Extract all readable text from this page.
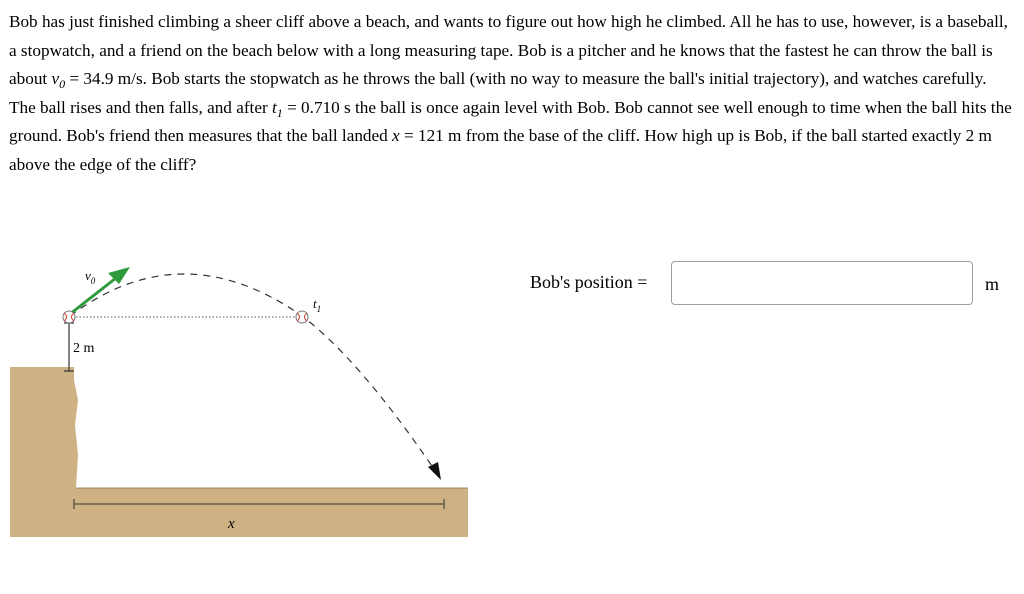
Bob has just finished climbing a sheer cliff above a beach, and wants to figure out how high he climbed. All he has to use, however, is a baseball, a stopwatch, and a friend on the beach below with a long measuring tape. Bob is a pitcher and he knows that the fastest he can throw the ball is about $v_0 = 34.9$ m/s. Bob starts the stopwatch as he throws the ball (with no way to measure the ball's initial trajectory), and watches carefully. The ball rises and then falls, and after $t_1 = 0.710$ s the ball is once again level with Bob. Bob cannot see well enough to time when the ball hits the ground. Bob's friend then measures that the ball landed x = 121 m from the base of the cliff. How high up is Bob, if the ball started exactly 2 m above the edge of the cliff?

x
2 m
$v_0$
$t_1$
Bob's position =	m
